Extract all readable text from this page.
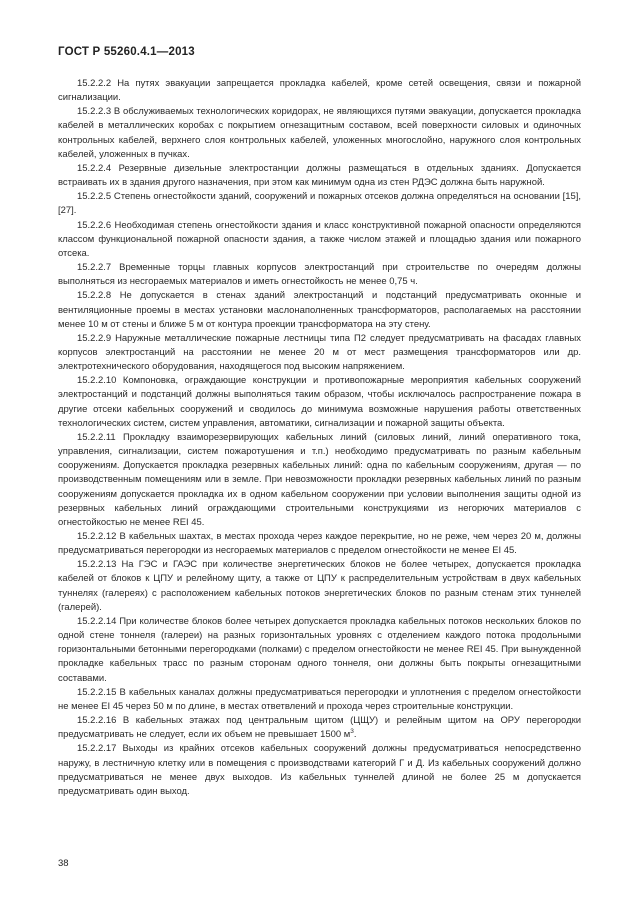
ГОСТ Р 55260.4.1—2013

15.2.2.2 На путях эвакуации запрещается прокладка кабелей, кроме сетей освещения, связи и пожарной сигнализации.

15.2.2.3 В обслуживаемых технологических коридорах, не являющихся путями эвакуации, допускается прокладка кабелей в металлических коробах с покрытием огнезащитным составом, всей поверхности силовых и одиночных контрольных кабелей, верхнего слоя контрольных кабелей, уложенных многослойно, наружного слоя контрольных кабелей, уложенных в пучках.

15.2.2.4 Резервные дизельные электростанции должны размещаться в отдельных зданиях. Допускается встраивать их в здания другого назначения, при этом как минимум одна из стен РДЭС должна быть наружной.

15.2.2.5 Степень огнестойкости зданий, сооружений и пожарных отсеков должна определяться на основании [15], [27].

15.2.2.6 Необходимая степень огнестойкости здания и класс конструктивной пожарной опасности определяются классом функциональной пожарной опасности здания, а также числом этажей и площадью здания или пожарного отсека.

15.2.2.7 Временные торцы главных корпусов электростанций при строительстве по очередям должны выполняться из несгораемых материалов и иметь огнестойкость не менее 0,75 ч.

15.2.2.8 Не допускается в стенах зданий электростанций и подстанций предусматривать оконные и вентиляционные проемы в местах установки маслонаполненных трансформаторов, располагаемых на расстоянии менее 10 м от стены и ближе 5 м от контура проекции трансформатора на эту стену.

15.2.2.9 Наружные металлические пожарные лестницы типа П2 следует предусматривать на фасадах главных корпусов электростанций на расстоянии не менее 20 м от мест размещения трансформаторов или др. электротехнического оборудования, находящегося под высоким напряжением.

15.2.2.10 Компоновка, ограждающие конструкции и противопожарные мероприятия кабельных сооружений электростанций и подстанций должны выполняться таким образом, чтобы исключалось распространение пожара в другие отсеки кабельных сооружений и сводилось до минимума возможные нарушения работы ответственных технологических систем, систем управления, автоматики, сигнализации и пожарной защиты объекта.

15.2.2.11 Прокладку взаиморезервирующих кабельных линий (силовых линий, линий оперативного тока, управления, сигнализации, систем пожаротушения и т.п.) необходимо предусматривать по разным кабельным сооружениям. Допускается прокладка резервных кабельных линий: одна по кабельным сооружениям, другая — по производственным помещениям или в земле. При невозможности прокладки резервных кабельных линий по разным сооружениям допускается прокладка их в одном кабельном сооружении при условии выполнения защиты одной из резервных кабельных линий ограждающими строительными конструкциями из негорючих материалов с огнестойкостью не менее REI 45.

15.2.2.12 В кабельных шахтах, в местах прохода через каждое перекрытие, но не реже, чем через 20 м, должны предусматриваться перегородки из несгораемых материалов с пределом огнестойкости не менее EI 45.

15.2.2.13 На ГЭС и ГАЭС при количестве энергетических блоков не более четырех, допускается прокладка кабелей от блоков к ЦПУ и релейному щиту, а также от ЦПУ к распределительным устройствам в двух кабельных туннелях (галереях) с расположением кабельных потоков энергетических блоков по разным стенам этих туннелей (галерей).

15.2.2.14 При количестве блоков более четырех допускается прокладка кабельных потоков нескольких блоков по одной стене тоннеля (галереи) на разных горизонтальных уровнях с отделением каждого потока продольными горизонтальными бетонными перегородками (полками) с пределом огнестойкости не менее REI 45. При вынужденной прокладке кабельных трасс по разным сторонам одного тоннеля, они должны быть покрыты огнезащитными составами.

15.2.2.15 В кабельных каналах должны предусматриваться перегородки и уплотнения с пределом огнестойкости не менее EI 45 через 50 м по длине, в местах ответвлений и прохода через строительные конструкции.

15.2.2.16 В кабельных этажах под центральным щитом (ЦЩУ) и релейным щитом на ОРУ перегородки предусматривать не следует, если их объем не превышает 1500 $м^3$.

15.2.2.17 Выходы из крайних отсеков кабельных сооружений должны предусматриваться непосредственно наружу, в лестничную клетку или в помещения с производствами категорий Г и Д. Из кабельных сооружений должно предусматриваться не менее двух выходов. Из кабельных туннелей длиной не более 25 м допускается предусматривать один выход.

38
